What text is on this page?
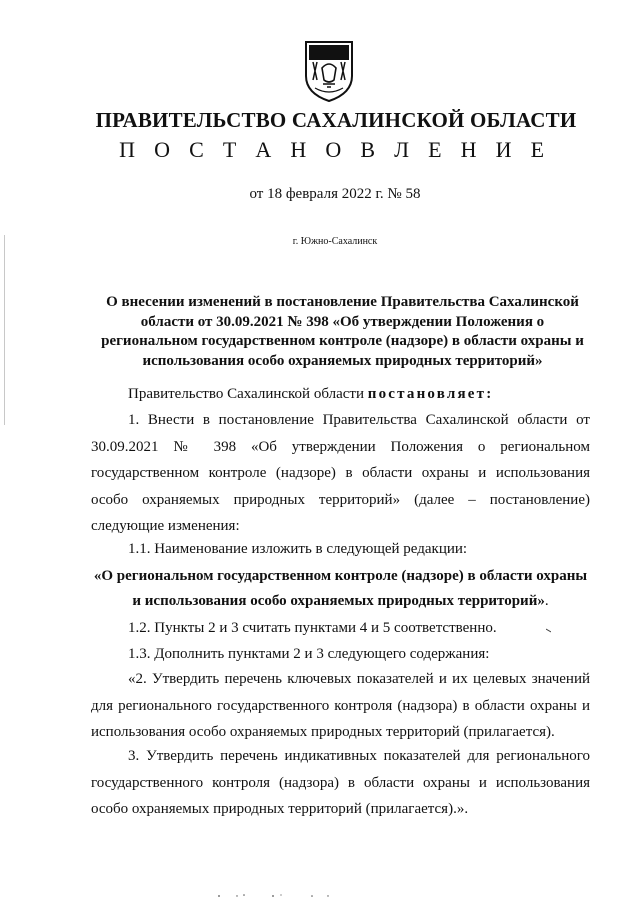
ПРАВИТЕЛЬСТВО САХАЛИНСКОЙ ОБЛАСТИ
П О С Т А Н О В Л Е Н И Е
от 18 февраля 2022 г. № 58
г. Южно-Сахалинск
О внесении изменений в постановление Правительства Сахалинской области от 30.09.2021 № 398 «Об утверждении Положения о региональном государственном контроле (надзоре) в области охраны и использования особо охраняемых природных территорий»
Правительство Сахалинской области постановляет:
1. Внести в постановление Правительства Сахалинской области от 30.09.2021 № 398 «Об утверждении Положения о региональном государственном контроле (надзоре) в области охраны и использования особо охраняемых природных территорий» (далее – постановление) следующие изменения:
1.1. Наименование изложить в следующей редакции:
«О региональном государственном контроле (надзоре) в области охраны и использования особо охраняемых природных территорий».
1.2. Пункты 2 и 3 считать пунктами 4 и 5 соответственно.
1.3. Дополнить пунктами 2 и 3 следующего содержания:
«2. Утвердить перечень ключевых показателей и их целевых значений для регионального государственного контроля (надзора) в области охраны и использования особо охраняемых природных территорий (прилагается).
3. Утвердить перечень индикативных показателей для регионального государственного контроля (надзора) в области охраны и использования особо охраняемых природных территорий (прилагается).».
